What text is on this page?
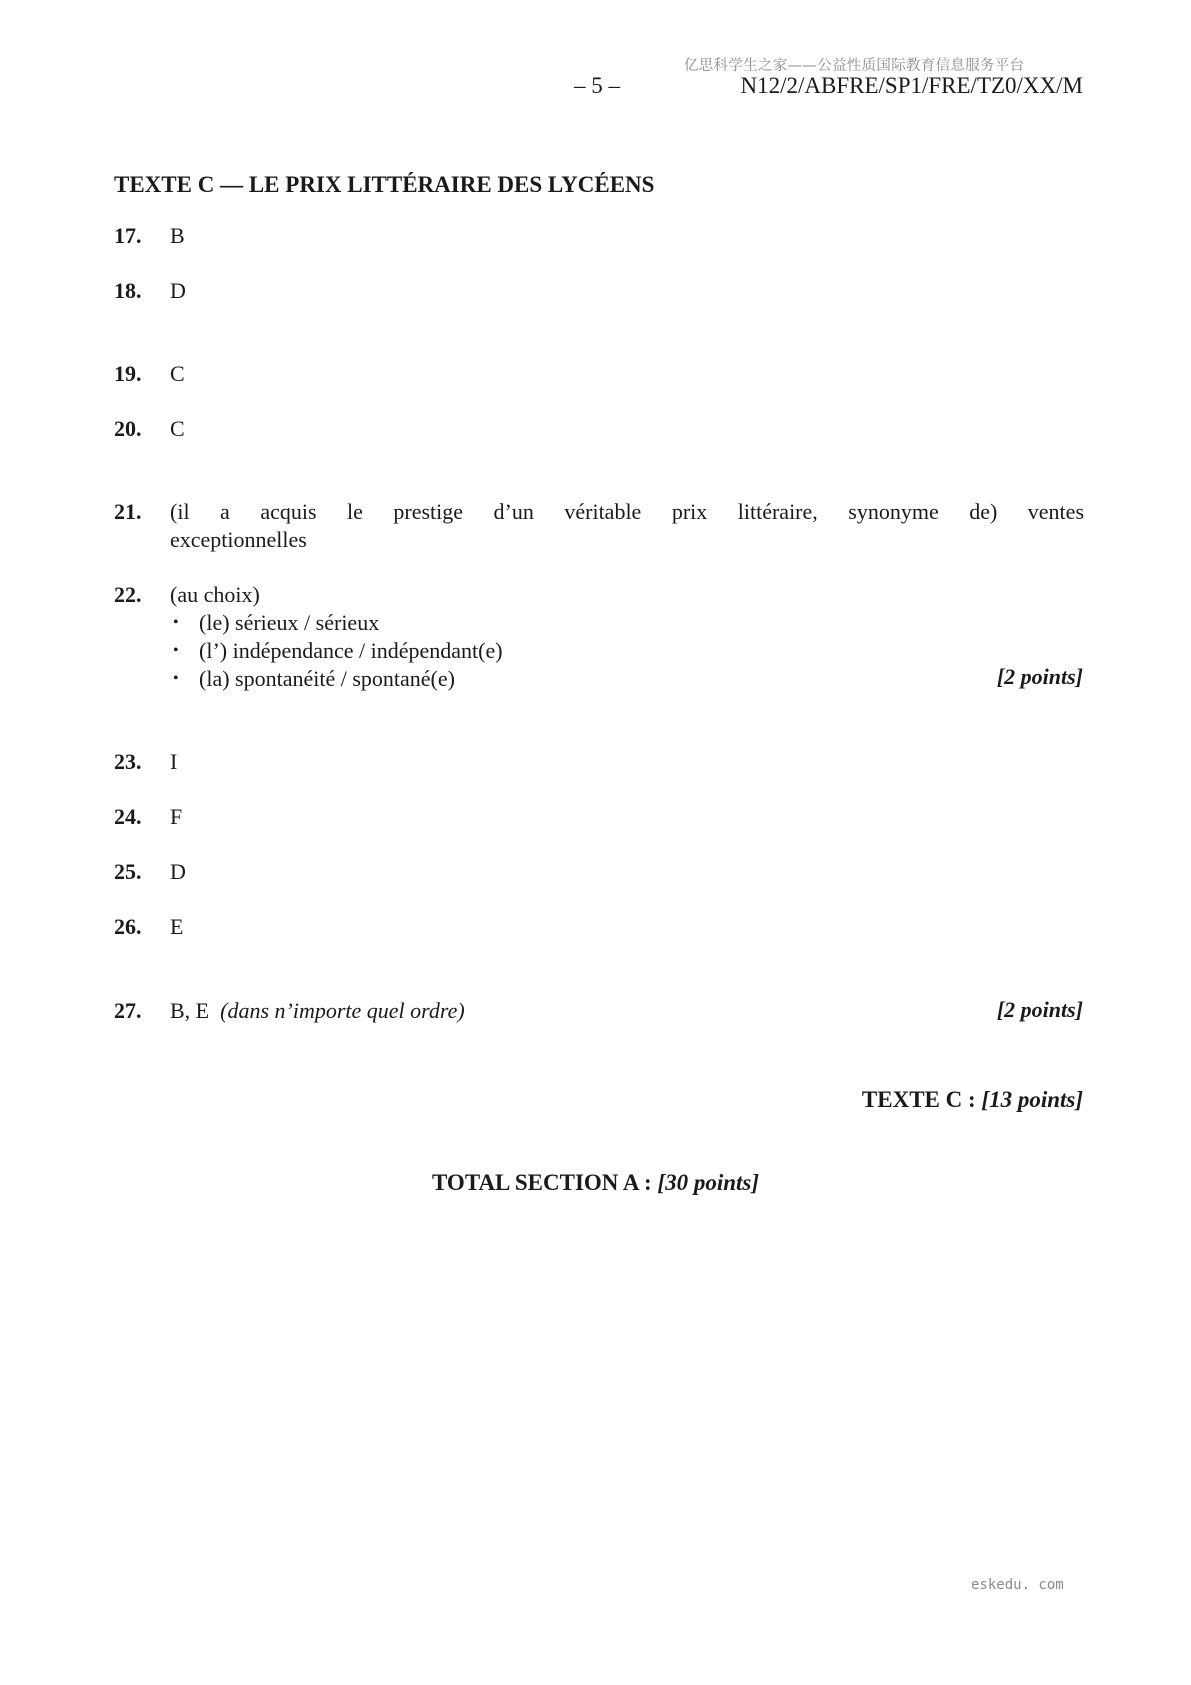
亿思科学生之家——公益性质国际教育信息服务平台
– 5 –	N12/2/ABFRE/SP1/FRE/TZ0/XX/M
TEXTE C — LE PRIX LITTÉRAIRE DES LYCÉENS
17. B
18. D
19. C
20. C
21. (il a acquis le prestige d’un véritable prix littéraire, synonyme de) ventes
exceptionnelles
22. (au choix)
• (le) sérieux / sérieux
• (l’) indépendance / indépendant(e)
• (la) spontanéité / spontané(e)	[2 points]
23. I
24. F
25. D
26. E
27. B, E (dans n’importe quel ordre)	[2 points]
TEXTE C : [13 points]
TOTAL SECTION A : [30 points]
eskedu. com
